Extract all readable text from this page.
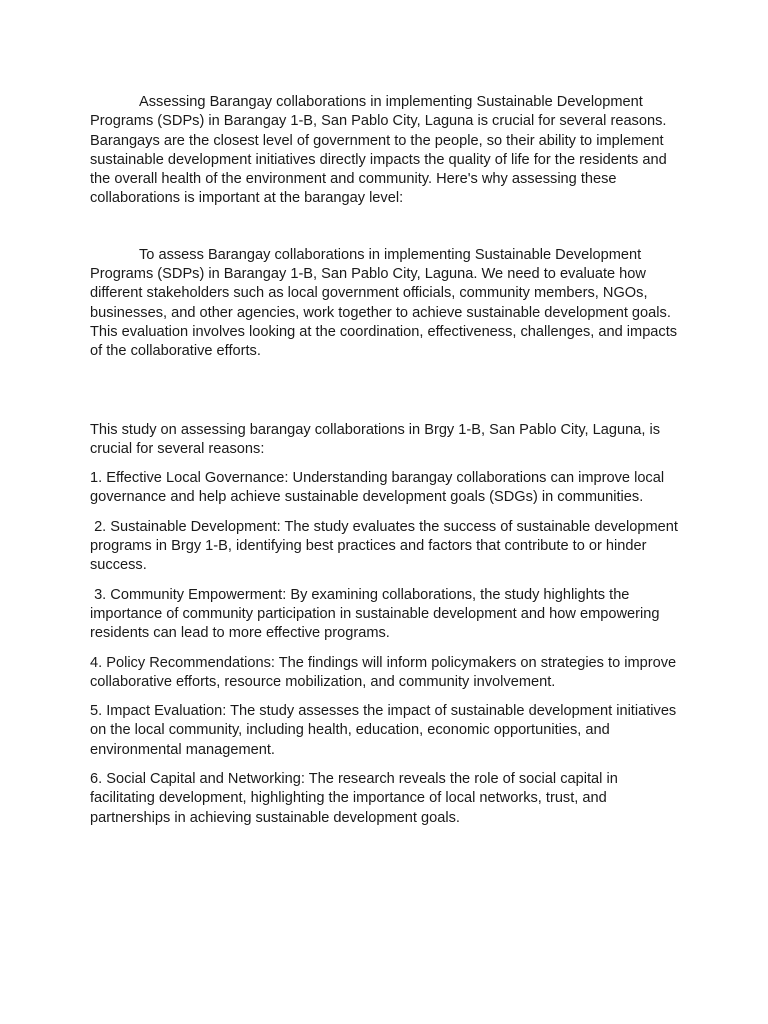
Assessing Barangay collaborations in implementing Sustainable Development Programs (SDPs) in Barangay 1-B, San Pablo City, Laguna is crucial for several reasons. Barangays are the closest level of government to the people, so their ability to implement sustainable development initiatives directly impacts the quality of life for the residents and the overall health of the environment and community. Here's why assessing these collaborations is important at the barangay level:

To assess Barangay collaborations in implementing Sustainable Development Programs (SDPs) in Barangay 1-B, San Pablo City, Laguna. We need to evaluate how different stakeholders such as local government officials, community members, NGOs, businesses, and other agencies, work together to achieve sustainable development goals. This evaluation involves looking at the coordination, effectiveness, challenges, and impacts of the collaborative efforts.

This study on assessing barangay collaborations in Brgy 1-B, San Pablo City, Laguna, is crucial for several reasons:

1. Effective Local Governance: Understanding barangay collaborations can improve local governance and help achieve sustainable development goals (SDGs) in communities.

2. Sustainable Development: The study evaluates the success of sustainable development programs in Brgy 1-B, identifying best practices and factors that contribute to or hinder success.

3. Community Empowerment: By examining collaborations, the study highlights the importance of community participation in sustainable development and how empowering residents can lead to more effective programs.

4. Policy Recommendations: The findings will inform policymakers on strategies to improve collaborative efforts, resource mobilization, and community involvement.

5. Impact Evaluation: The study assesses the impact of sustainable development initiatives on the local community, including health, education, economic opportunities, and environmental management.

6. Social Capital and Networking: The research reveals the role of social capital in facilitating development, highlighting the importance of local networks, trust, and partnerships in achieving sustainable development goals.
